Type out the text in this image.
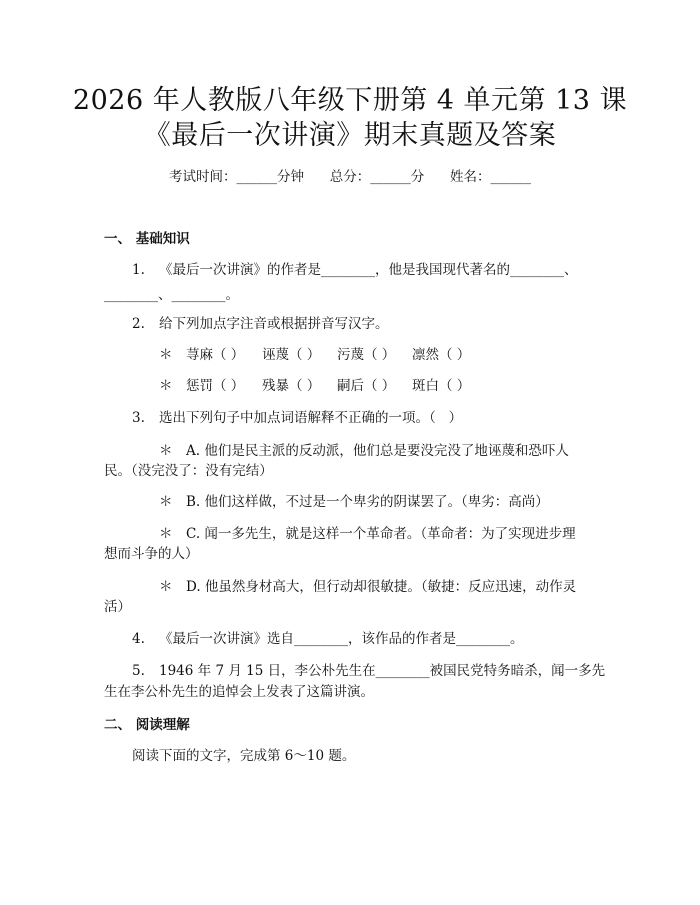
2026 年人教版八年级下册第 4 单元第 13 课
《最后一次讲演》期末真题及答案
考试时间：______分钟      总分：______分      姓名：______
一、 基础知识
1. 《最后一次讲演》的作者是________，他是我国现代著名的________、
________、________。
2. 给下列加点字注音或根据拼音写汉字。
＊ 荨麻（ ） 诬蔑（ ） 污蔑（ ） 凛然（ ）
＊ 惩罚（ ） 残暴（ ） 嗣后（ ） 斑白（ ）
3. 选出下列句子中加点词语解释不正确的一项。（   ）
＊ A. 他们是民主派的反动派，他们总是要没完没了地诬蔑和恐吓人
民。（没完没了：没有完结）
＊ B. 他们这样做，不过是一个卑劣的阴谋罢了。（卑劣：高尚）
＊ C. 闻一多先生，就是这样一个革命者。（革命者：为了实现进步理
想而斗争的人）
＊ D. 他虽然身材高大，但行动却很敏捷。（敏捷：反应迅速，动作灵
活）
4. 《最后一次讲演》选自________，该作品的作者是________。
5. 1946 年 7 月 15 日，李公朴先生在________被国民党特务暗杀，闻一多先
生在李公朴先生的追悼会上发表了这篇讲演。
二、 阅读理解
阅读下面的文字，完成第 6～10 题。
